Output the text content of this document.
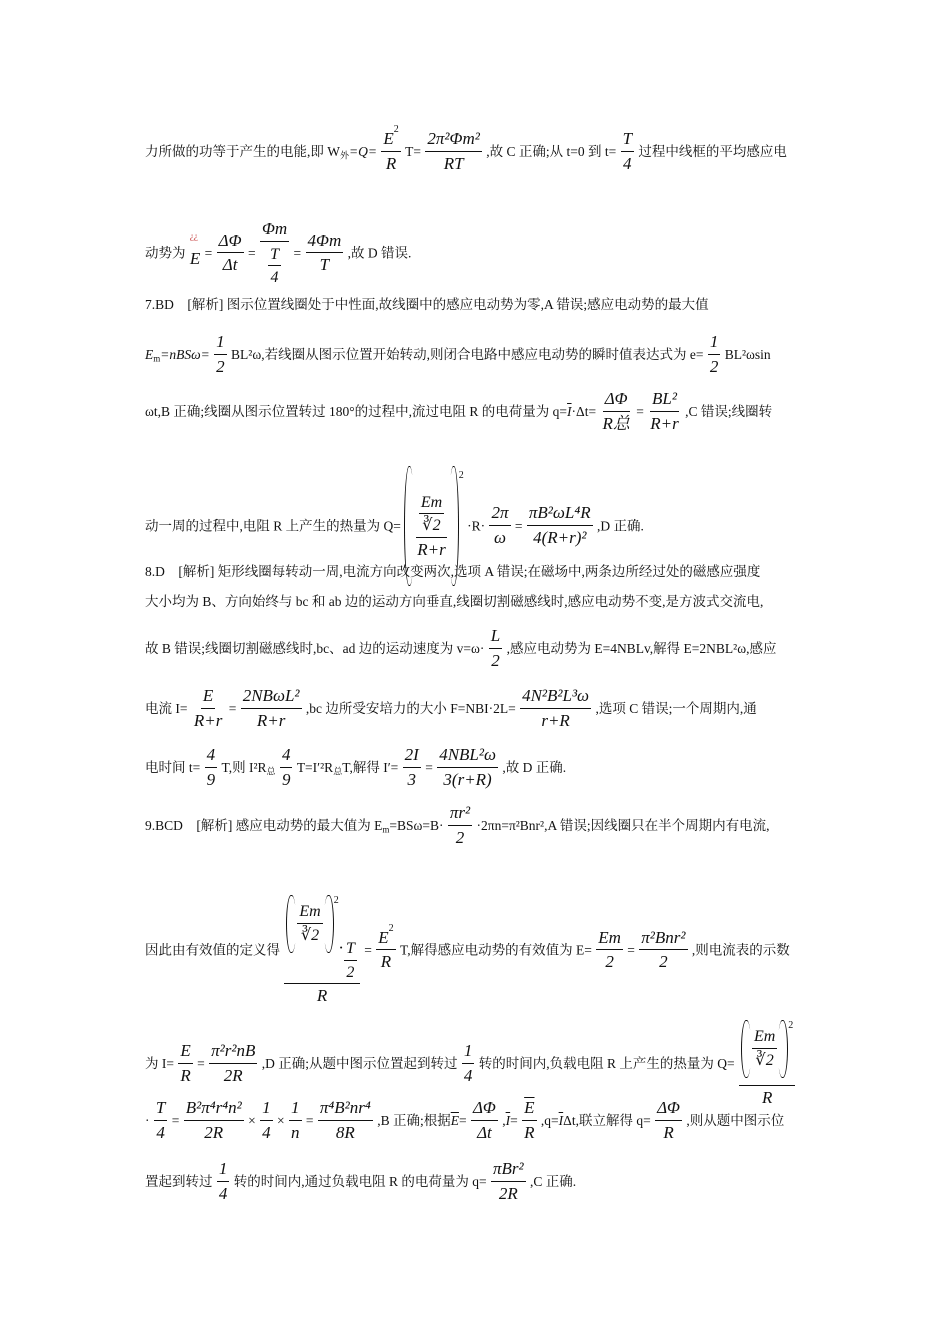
力所做的功等于产生的电能,即 $W_外=Q= \frac{E^2}{R} T= \frac{\text{2π²Φm²}}{RT}$ ,故 C 正确;从 t=0 到 $t= \frac{T}{4}$ 过程中线框的平均感应电
动势为
¿¿
$E = \frac{\Delta\Phi}{\Delta t} = \frac{\Phi m}{\frac{T}{4}} = \frac{4\Phi m}{T}$ ,故 D 错误.
7.BD　[解析] 图示位置线圈处于中性面,故线圈中的感应电动势为零,A 错误;感应电动势的最大值
$E_m=nBS\omega= \frac{1}{2} BL^2\omega$,若线圈从图示位置开始转动,则闭合电路中感应电动势的瞬时值表达式为 $e= \frac{1}{2} BL^2\omega\sin$
ωt,B 正确;线圈从图示位置转过 180°的过程中,流过电阻 R 的电荷量为 $q=\overline{I}\cdot\Delta t= \frac{\Delta\Phi}{\text{R总}} = \frac{\text{BL²}}{R+r} ,C$ 错误;线圈转
动一周的过程中,电阻 R 上产生的热量为 $Q= \frac{\frac{Em}{∛2}}{R+r}$
$^2$
$\cdot R\cdot \frac{2\pi}{\omega} = \frac{\text{πB²ωL⁴R}}{\text{4(R+r)²}} ,D$ 正确.
8.D　[解析] 矩形线圈每转动一周,电流方向改变两次,选项 A 错误;在磁场中,两条边所经过处的磁感应强度
大小均为 B、方向始终与 bc 和 ab 边的运动方向垂直,线圈切割磁感线时,感应电动势不变,是方波式交流电,
故 B 错误;线圈切割磁感线时,bc、ad 边的运动速度为 $v=\omega\cdot \frac{L}{2}$ ,感应电动势为 E=4NBLv,解得 E=2NBL²ω,感应
电流 $I= \frac{E}{R+r} = \frac{\text{2NBωL²}}{R+r} ,bc$ 边所受安培力的大小 $F=NBI\cdot 2L= \frac{\text{4N²B²L³ω}}{r+R}$ ,选项 C 错误;一个周期内,通
电时间 $t= \frac{4}{9} T$,则 $I^2R_总 \frac{4}{9} T=I'^2R_总T$,解得 $I'= \frac{2I}{3} = \frac{\text{4NBL²ω}}{3(r+R)}$ ,故 D 正确.
9.BCD　[解析] 感应电动势的最大值为 $E_m=BS\omega=B\cdot \frac{\text{πr²}}{2} \cdot 2\pi n=\pi^2Bnr^2,A$ 错误;因线圈只在半个周期内有电流,
因此由有效值的定义得 $\frac{Em}{∛2}$
$^2$
· $\frac{T}{2}$
$R = \frac{E^2}{R} T$,解得感应电动势的有效值为 $E= \frac{Em}{2} = \frac{\text{π²Bnr²}}{2}$ ,则电流表的示数
为 $I= \frac{E}{R} = \frac{\text{π²r²nB}}{2R} ,D$ 正确;从题中图示位置起到转过 $\frac{1}{4}$ 转的时间内,负载电阻 R 上产生的热量为 $Q= \frac{Em}{∛2}$
$^2$
R
· $\frac{T}{4} = \frac{\text{B²π⁴r⁴n²}}{2R} \times \frac{1}{4} \times \frac{1}{n} = \frac{\text{π⁴B²nr⁴}}{8R} ,B$ 正确;根据$\overline{E}= \frac{\Delta\Phi}{\Delta t} ,\overline{I}= \frac{\overline{E}}{R} ,q=\overline{I}\Delta t$,联立解得 $q= \frac{\Delta\Phi}{R}$ ,则从题中图示位
置起到转过 $\frac{1}{4}$ 转的时间内,通过负载电阻 R 的电荷量为 $q= \frac{\text{πBr²}}{2R} ,C$ 正确.
